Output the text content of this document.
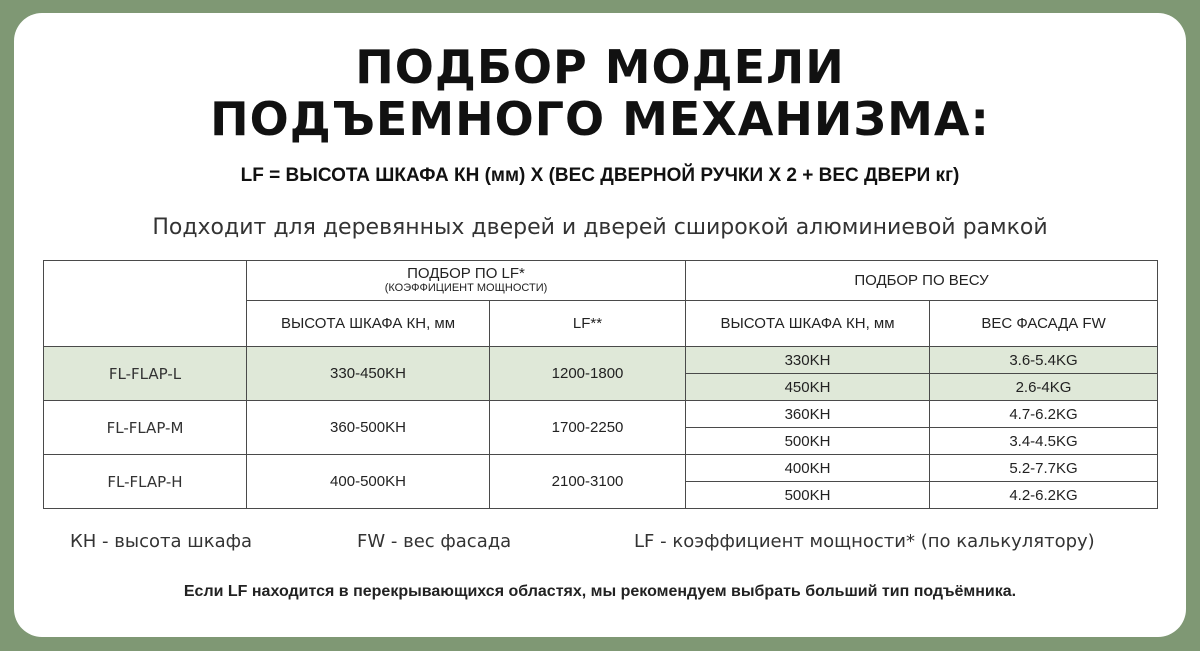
ПОДБОР МОДЕЛИ
ПОДЪЕМНОГО МЕХАНИЗМА:
LF = ВЫСОТА ШКАФА КН (мм) Х (ВЕС ДВЕРНОЙ РУЧКИ Х 2 + ВЕС ДВЕРИ кг)
Подходит для деревянных дверей и дверей сширокой алюминиевой рамкой
	ПОДБОР ПО LF*
(КОЭФФИЦИЕНТ МОЩНОСТИ)		ПОДБОР ПО ВЕСУ	
	ВЫСОТА ШКАФА КН, мм	LF**	ВЫСОТА ШКАФА КН, мм	ВЕС ФАСАДА FW
FL-FLAP-L	330-450KH	1200-1800	330KH	3.6-5.4KG
			450KH	2.6-4KG
FL-FLAP-M	360-500KH	1700-2250	360KH	4.7-6.2KG
			500KH	3.4-4.5KG
FL-FLAP-H	400-500KH	2100-3100	400KH	5.2-7.7KG
			500KH	4.2-6.2KG
КН - высота шкафа	FW - вес фасада	LF - коэффициент мощности* (по калькулятору)
Если LF находится в перекрывающихся областях, мы рекомендуем выбрать больший тип подъёмника.
